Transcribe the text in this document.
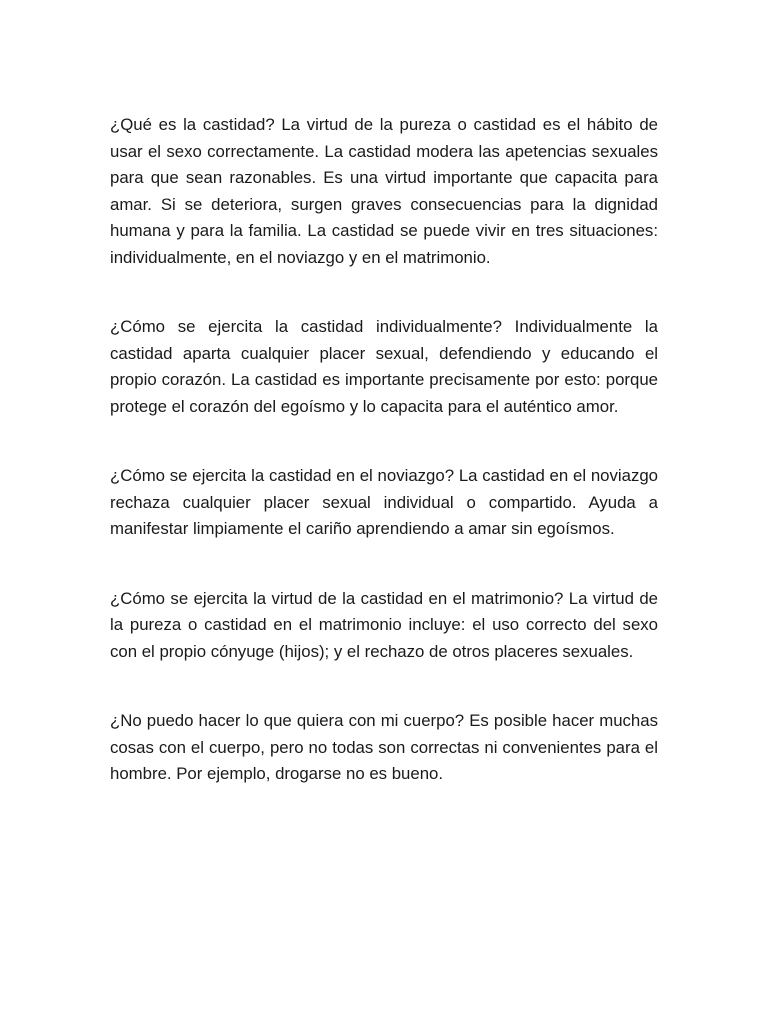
¿Qué es la castidad? La virtud de la pureza o castidad es el hábito de usar el sexo correctamente. La castidad modera las apetencias sexuales para que sean razonables. Es una virtud importante que capacita para amar. Si se deteriora, surgen graves consecuencias para la dignidad humana y para la familia. La castidad se puede vivir en tres situaciones: individualmente, en el noviazgo y en el matrimonio.

¿Cómo se ejercita la castidad individualmente? Individualmente la castidad aparta cualquier placer sexual, defendiendo y educando el propio corazón. La castidad es importante precisamente por esto: porque protege el corazón del egoísmo y lo capacita para el auténtico amor.

¿Cómo se ejercita la castidad en el noviazgo? La castidad en el noviazgo rechaza cualquier placer sexual individual o compartido. Ayuda a manifestar limpiamente el cariño aprendiendo a amar sin egoísmos.

¿Cómo se ejercita la virtud de la castidad en el matrimonio? La virtud de la pureza o castidad en el matrimonio incluye: el uso correcto del sexo con el propio cónyuge (hijos); y el rechazo de otros placeres sexuales.

¿No puedo hacer lo que quiera con mi cuerpo? Es posible hacer muchas cosas con el cuerpo, pero no todas son correctas ni convenientes para el hombre. Por ejemplo, drogarse no es bueno.
